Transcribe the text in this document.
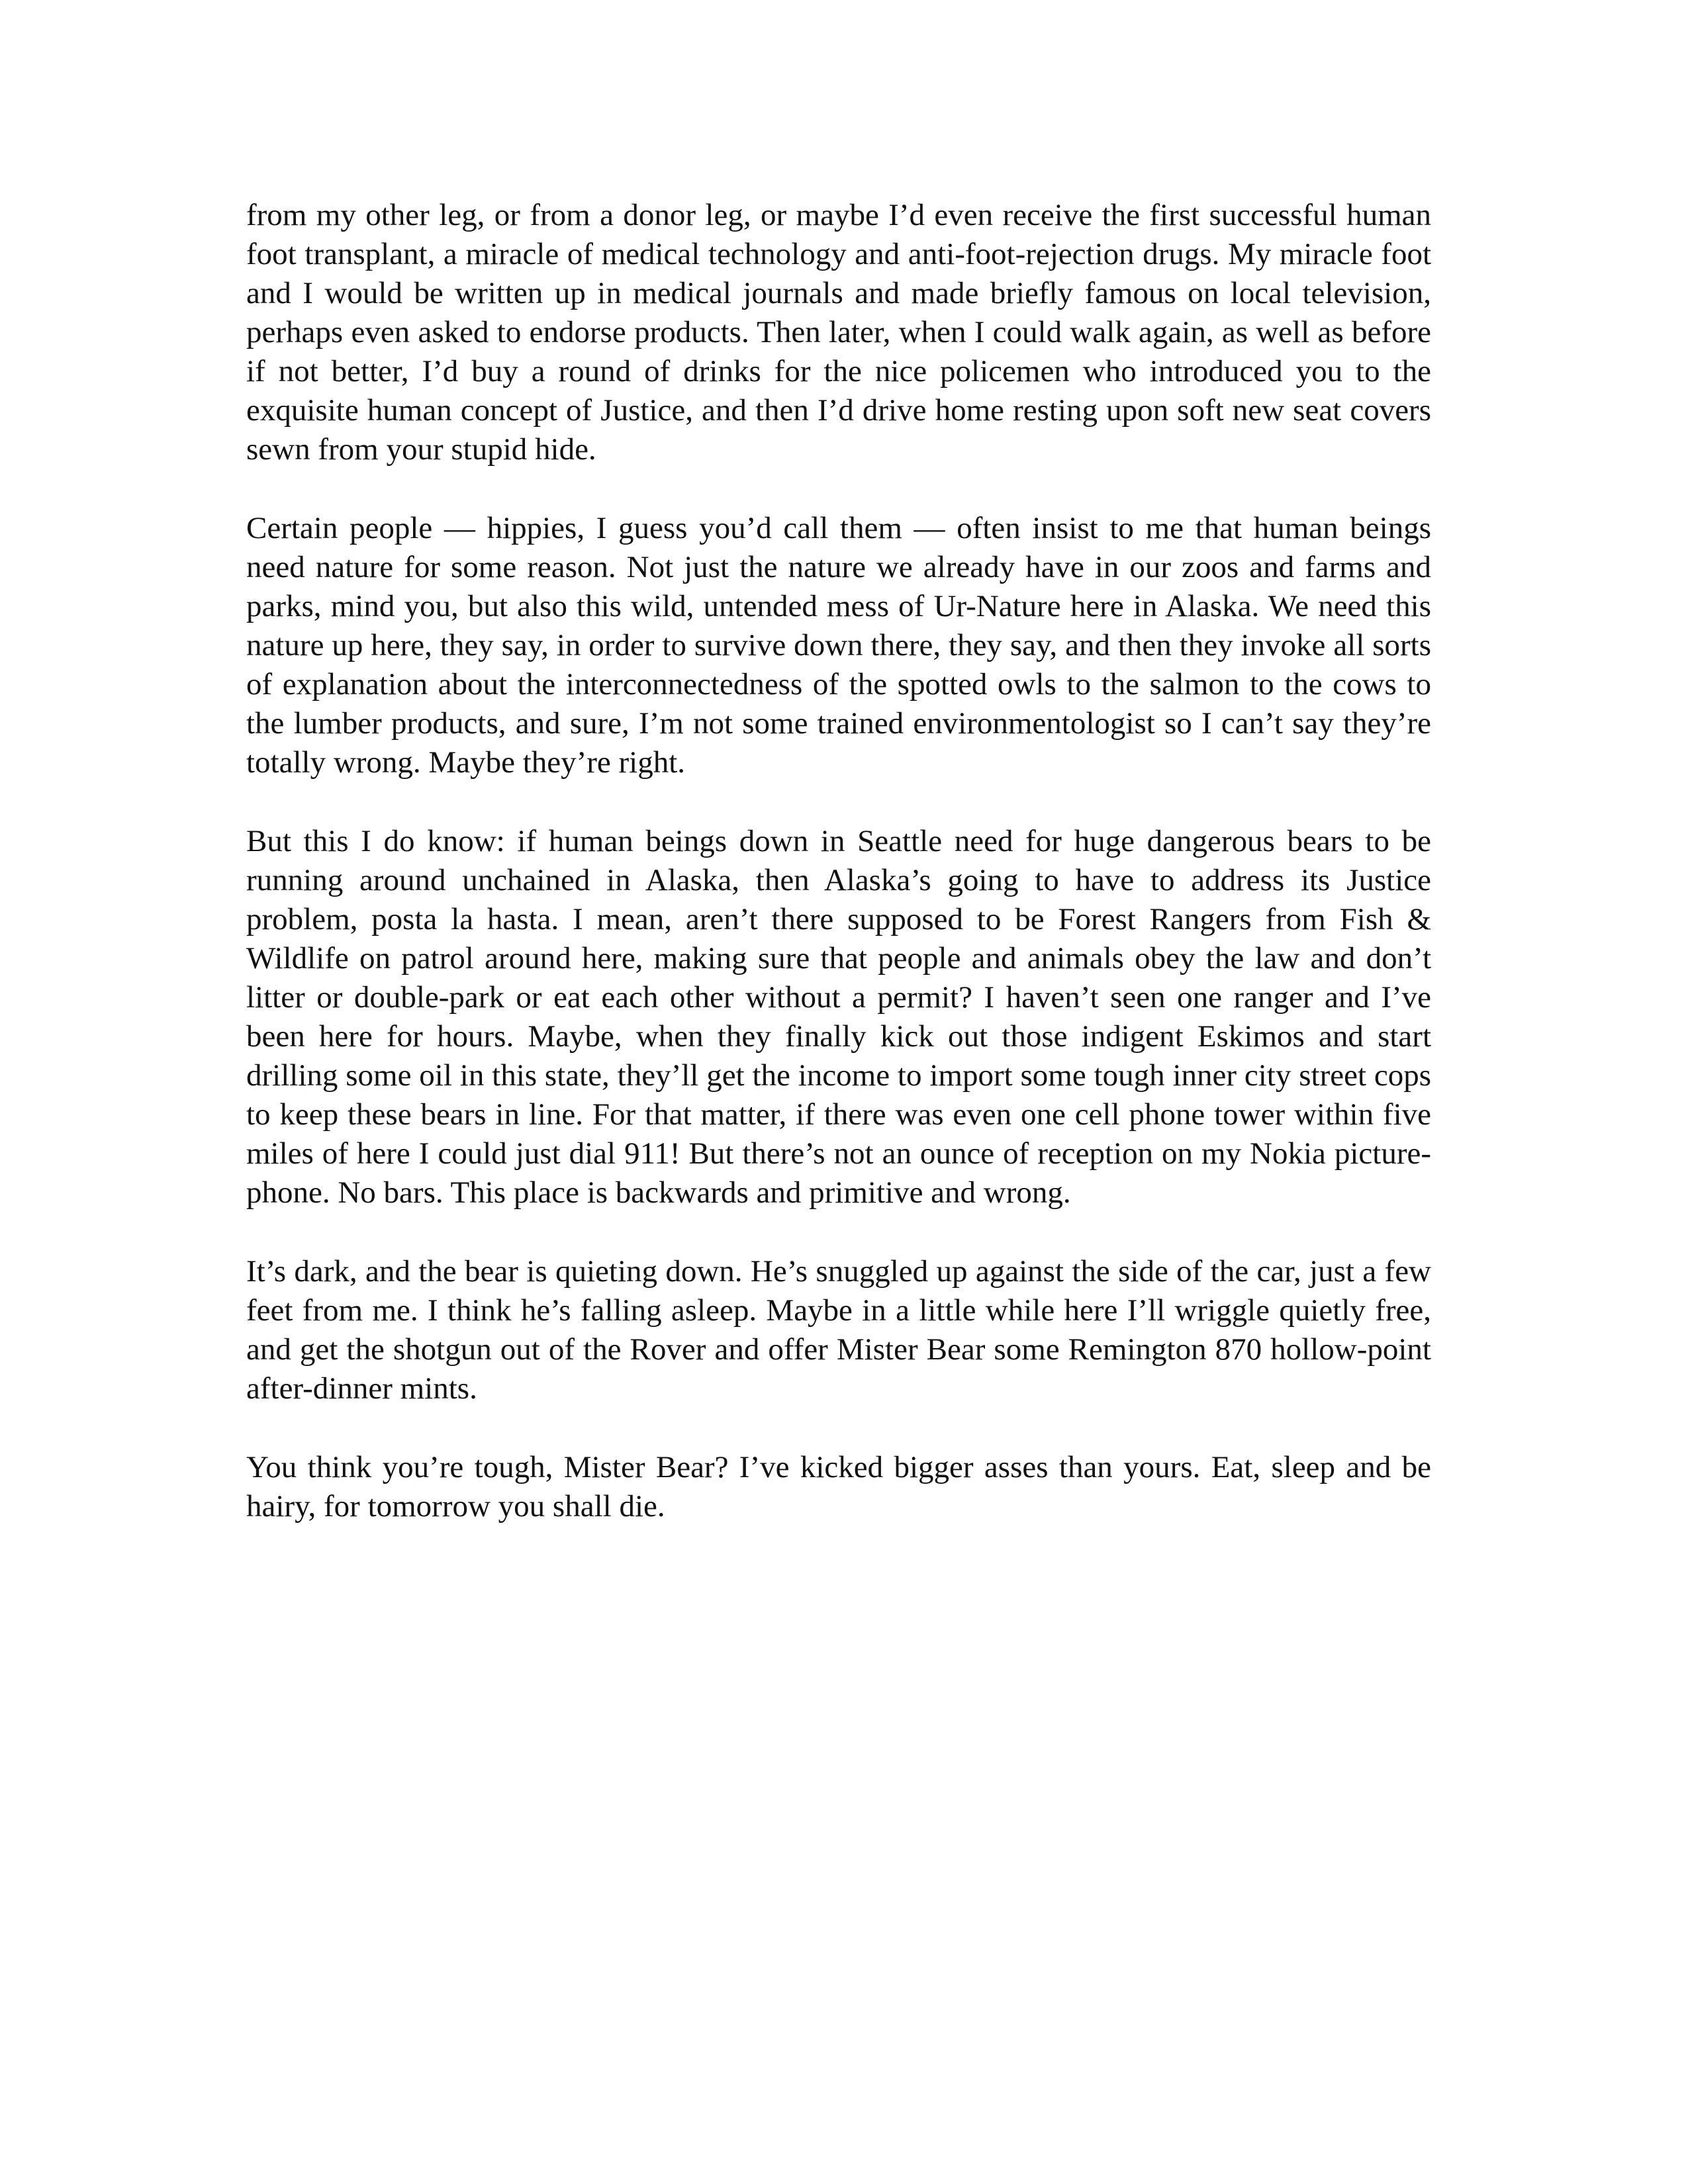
from my other leg, or from a donor leg, or maybe I’d even receive the first successful human foot transplant, a miracle of medical technology and anti-foot-rejection drugs. My miracle foot and I would be written up in medical journals and made briefly famous on local television, perhaps even asked to endorse products. Then later, when I could walk again, as well as before if not better, I’d buy a round of drinks for the nice policemen who introduced you to the exquisite human concept of Justice, and then I’d drive home resting upon soft new seat covers sewn from your stupid hide.

Certain people — hippies, I guess you’d call them — often insist to me that human beings need nature for some reason. Not just the nature we already have in our zoos and farms and parks, mind you, but also this wild, untended mess of Ur-Nature here in Alaska. We need this nature up here, they say, in order to survive down there, they say, and then they invoke all sorts of explanation about the interconnectedness of the spotted owls to the salmon to the cows to the lumber products, and sure, I’m not some trained environmentologist so I can’t say they’re totally wrong. Maybe they’re right.

But this I do know: if human beings down in Seattle need for huge dangerous bears to be running around unchained in Alaska, then Alaska’s going to have to address its Justice problem, posta la hasta. I mean, aren’t there supposed to be Forest Rangers from Fish & Wildlife on patrol around here, making sure that people and animals obey the law and don’t litter or double-park or eat each other without a permit? I haven’t seen one ranger and I’ve been here for hours. Maybe, when they finally kick out those indigent Eskimos and start drilling some oil in this state, they’ll get the income to import some tough inner city street cops to keep these bears in line. For that matter, if there was even one cell phone tower within five miles of here I could just dial 911! But there’s not an ounce of reception on my Nokia picture-phone. No bars. This place is backwards and primitive and wrong.

It’s dark, and the bear is quieting down. He’s snuggled up against the side of the car, just a few feet from me. I think he’s falling asleep. Maybe in a little while here I’ll wriggle quietly free, and get the shotgun out of the Rover and offer Mister Bear some Remington 870 hollow-point after-dinner mints.

You think you’re tough, Mister Bear? I’ve kicked bigger asses than yours. Eat, sleep and be hairy, for tomorrow you shall die.
